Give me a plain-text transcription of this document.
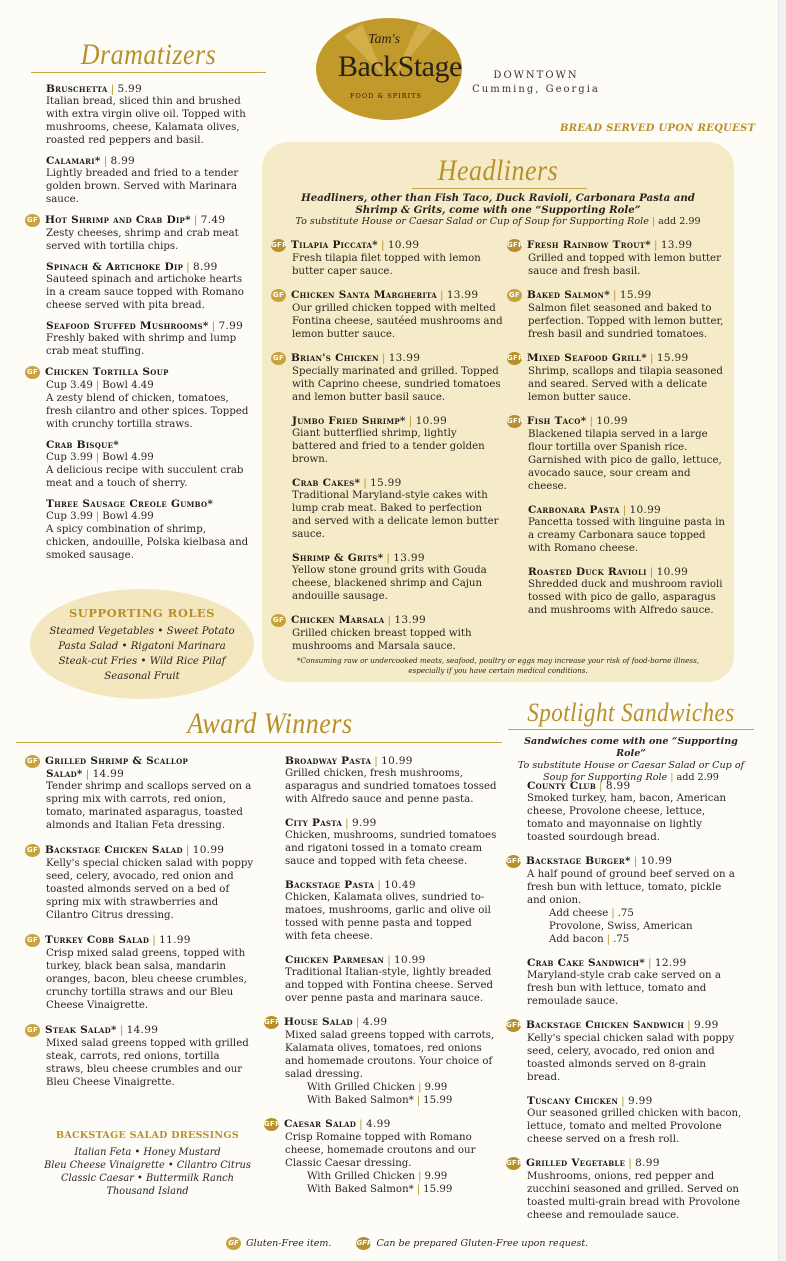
Tam's
BackStage
FOOD & SPIRITS
DOWNTOWN
Cumming, Georgia
BREAD SERVED UPON REQUEST
Dramatizers
Bruschetta | 5.99
Italian bread, sliced thin and brushed with extra virgin olive oil. Topped with mushrooms, cheese, Kalamata olives, roasted red peppers and basil.
Calamari* | 8.99
Lightly breaded and fried to a tender golden brown. Served with Marinara sauce.
GF Hot Shrimp and Crab Dip* | 7.49
Zesty cheeses, shrimp and crab meat served with tortilla chips.
Spinach & Artichoke Dip | 8.99
Sauteed spinach and artichoke hearts in a cream sauce topped with Romano cheese served with pita bread.
Seafood Stuffed Mushrooms* | 7.99
Freshly baked with shrimp and lump crab meat stuffing.
GF Chicken Tortilla Soup
Cup 3.49 | Bowl 4.49
A zesty blend of chicken, tomatoes, fresh cilantro and other spices. Topped with crunchy tortilla straws.
Crab Bisque*
Cup 3.99 | Bowl 4.99
A delicious recipe with succulent crab meat and a touch of sherry.
Three Sausage Creole Gumbo*
Cup 3.99 | Bowl 4.99
A spicy combination of shrimp, chicken, andouille, Polska kielbasa and smoked sausage.
SUPPORTING ROLES
Steamed Vegetables • Sweet Potato
Pasta Salad • Rigatoni Marinara
Steak-cut Fries • Wild Rice Pilaf
Seasonal Fruit
Headliners
Headliners, other than Fish Taco, Duck Ravioli, Carbonara Pasta and
Shrimp & Grits, come with one “Supporting Role”
To substitute House or Caesar Salad or Cup of Soup for Supporting Role | add 2.99
GFR Tilapia Piccata* | 10.99
Fresh tilapia filet topped with lemon butter caper sauce.
GF Chicken Santa Margherita | 13.99
Our grilled chicken topped with melted Fontina cheese, sautéed mushrooms and lemon butter sauce.
GF Brian's Chicken | 13.99
Specially marinated and grilled. Topped with Caprino cheese, sundried tomatoes and lemon butter basil sauce.
Jumbo Fried Shrimp* | 10.99
Giant butterflied shrimp, lightly battered and fried to a tender golden brown.
Crab Cakes* | 15.99
Traditional Maryland-style cakes with lump crab meat. Baked to perfection and served with a delicate lemon butter sauce.
Shrimp & Grits* | 13.99
Yellow stone ground grits with Gouda cheese, blackened shrimp and Cajun andouille sausage.
GF Chicken Marsala | 13.99
Grilled chicken breast topped with mushrooms and Marsala sauce.
GFR Fresh Rainbow Trout* | 13.99
Grilled and topped with lemon butter sauce and fresh basil.
GF Baked Salmon* | 15.99
Salmon filet seasoned and baked to perfection. Topped with lemon butter, fresh basil and sundried tomatoes.
GFR Mixed Seafood Grill* | 15.99
Shrimp, scallops and tilapia seasoned and seared. Served with a delicate lemon butter sauce.
GFR Fish Taco* | 10.99
Blackened tilapia served in a large flour tortilla over Spanish rice. Garnished with pico de gallo, lettuce, avocado sauce, sour cream and cheese.
Carbonara Pasta | 10.99
Pancetta tossed with linguine pasta in a creamy Carbonara sauce topped with Romano cheese.
Roasted Duck Ravioli | 10.99
Shredded duck and mushroom ravioli tossed with pico de gallo, asparagus and mushrooms with Alfredo sauce.
*Consuming raw or undercooked meats, seafood, poultry or eggs may increase your risk of food-borne illness,
especially if you have certain medical conditions.
Award Winners
GF Grilled Shrimp & Scallop Salad* | 14.99
Tender shrimp and scallops served on a spring mix with carrots, red onion, tomato, marinated asparagus, toasted almonds and Italian Feta dressing.
GF Backstage Chicken Salad | 10.99
Kelly's special chicken salad with poppy seed, celery, avocado, red onion and toasted almonds served on a bed of spring mix with strawberries and Cilantro Citrus dressing.
GF Turkey Cobb Salad | 11.99
Crisp mixed salad greens, topped with turkey, black bean salsa, mandarin oranges, bacon, bleu cheese crumbles, crunchy tortilla straws and our Bleu Cheese Vinaigrette.
GF Steak Salad* | 14.99
Mixed salad greens topped with grilled steak, carrots, red onions, tortilla straws, bleu cheese crumbles and our Bleu Cheese Vinaigrette.
Broadway Pasta | 10.99
Grilled chicken, fresh mushrooms, asparagus and sundried tomatoes tossed with Alfredo sauce and penne pasta.
City Pasta | 9.99
Chicken, mushrooms, sundried tomatoes and rigatoni tossed in a tomato cream sauce and topped with feta cheese.
Backstage Pasta | 10.49
Chicken, Kalamata olives, sundried to-matoes, mushrooms, garlic and olive oil tossed with penne pasta and topped with feta cheese.
Chicken Parmesan | 10.99
Traditional Italian-style, lightly breaded and topped with Fontina cheese. Served over penne pasta and marinara sauce.
GFR House Salad | 4.99
Mixed salad greens topped with carrots, Kalamata olives, tomatoes, red onions and homemade croutons. Your choice of salad dressing.
With Grilled Chicken | 9.99
With Baked Salmon* | 15.99
GFR Caesar Salad | 4.99
Crisp Romaine topped with Romano cheese, homemade croutons and our Classic Caesar dressing.
With Grilled Chicken | 9.99
With Baked Salmon* | 15.99
BACKSTAGE SALAD DRESSINGS
Italian Feta • Honey Mustard
Bleu Cheese Vinaigrette • Cilantro Citrus
Classic Caesar • Buttermilk Ranch
Thousand Island
Spotlight Sandwiches
Sandwiches come with one “Supporting Role”
To substitute House or Caesar Salad or Cup of
Soup for Supporting Role | add 2.99
County Club | 8.99
Smoked turkey, ham, bacon, American cheese, Provolone cheese, lettuce, tomato and mayonnaise on lightly toasted sourdough bread.
GFR Backstage Burger* | 10.99
A half pound of ground beef served on a fresh bun with lettuce, tomato, pickle and onion.
Add cheese | .75
Provolone, Swiss, American
Add bacon | .75
Crab Cake Sandwich* | 12.99
Maryland-style crab cake served on a fresh bun with lettuce, tomato and remoulade sauce.
GFR Backstage Chicken Sandwich | 9.99
Kelly's special chicken salad with poppy seed, celery, avocado, red onion and toasted almonds served on 8-grain bread.
Tuscany Chicken | 9.99
Our seasoned grilled chicken with bacon, lettuce, tomato and melted Provolone cheese served on a fresh roll.
GFR Grilled Vegetable | 8.99
Mushrooms, onions, red pepper and zucchini seasoned and grilled. Served on toasted multi-grain bread with Provolone cheese and remoulade sauce.
GF Gluten-Free item.	GFR Can be prepared Gluten-Free upon request.
